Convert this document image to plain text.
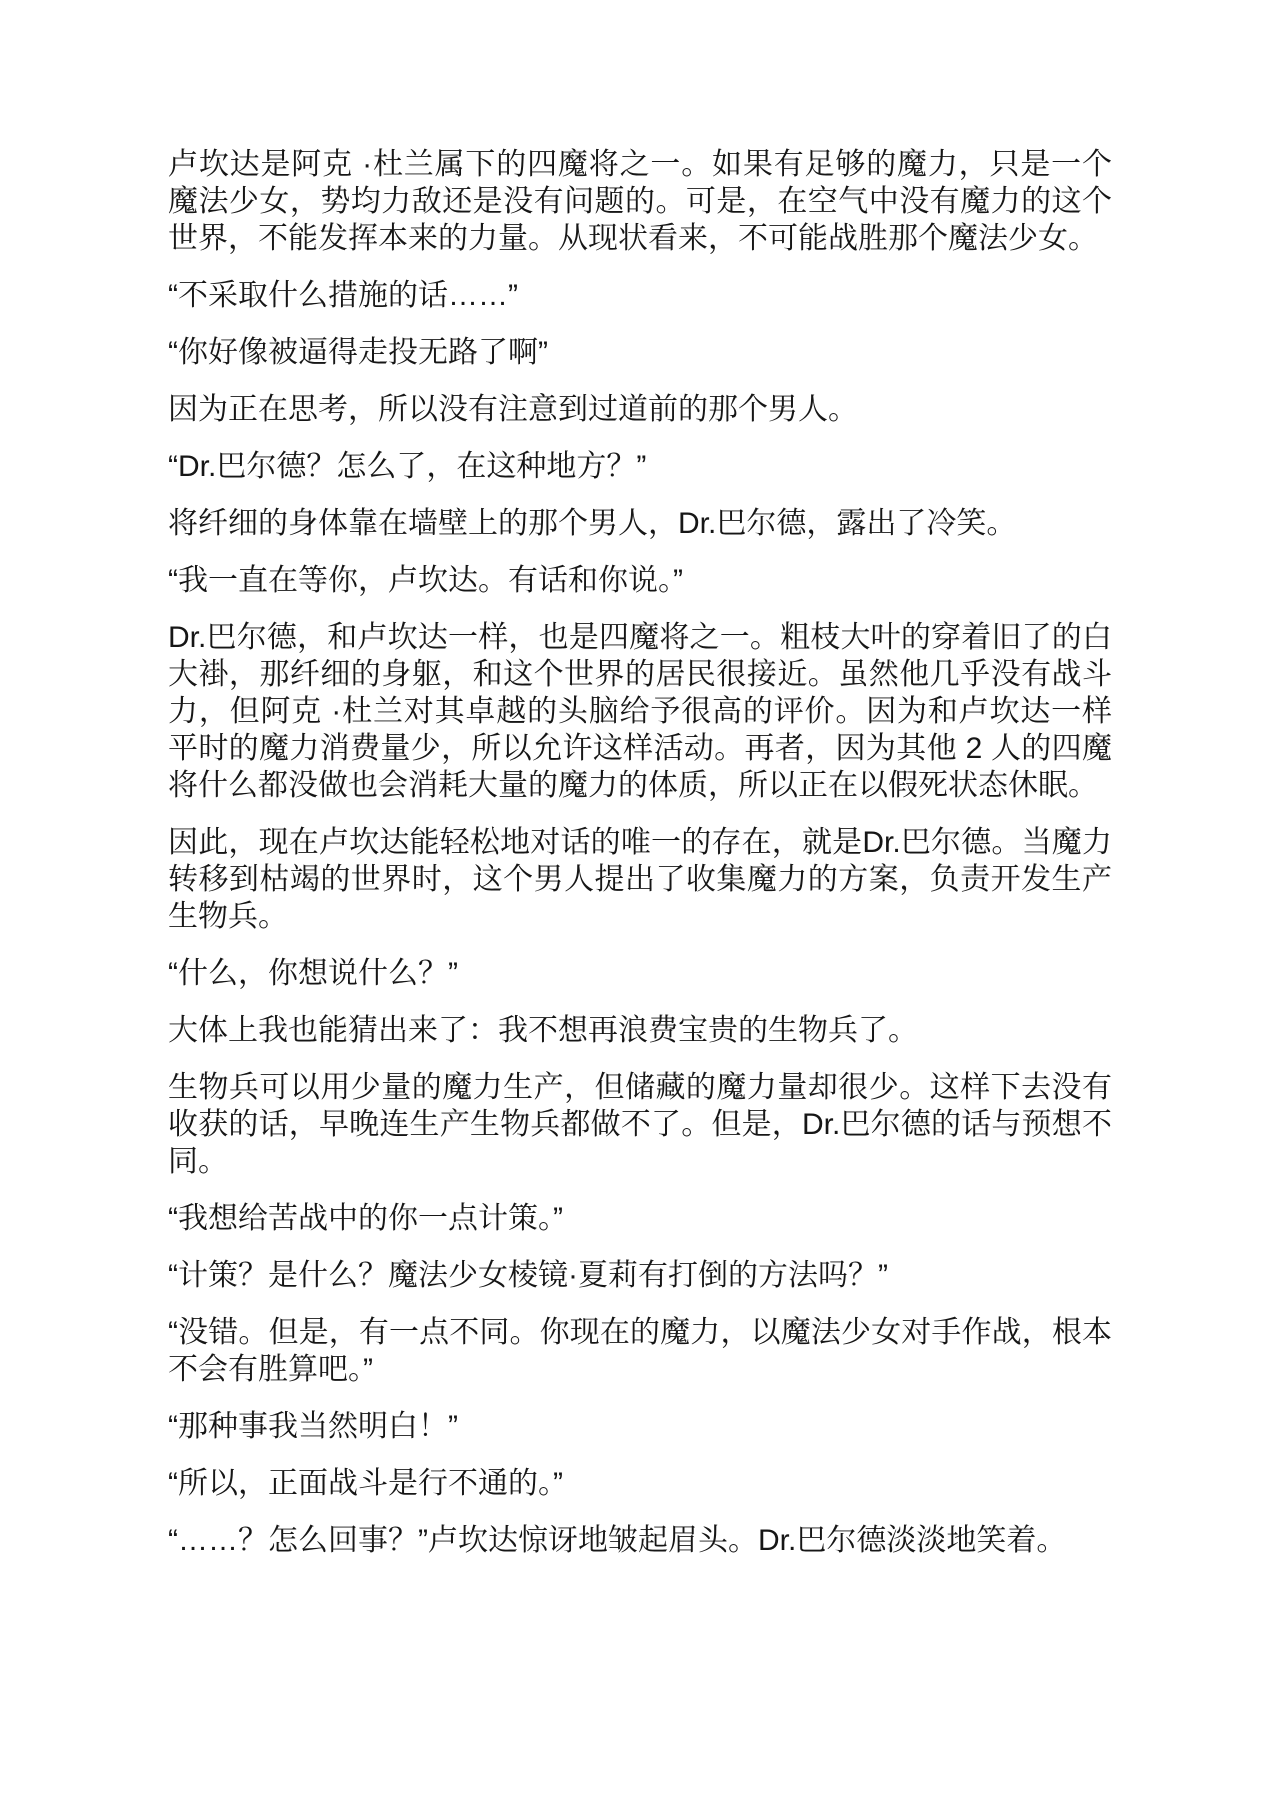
卢坎达是阿克 ·杜兰属下的四魔将之一。如果有足够的魔力，只是一个魔法少女，势均力敌还是没有问题的。可是，在空气中没有魔力的这个世界，不能发挥本来的力量。从现状看来，不可能战胜那个魔法少女。

“不采取什么措施的话……”

“你好像被逼得走投无路了啊”

因为正在思考，所以没有注意到过道前的那个男人。

“Dr.巴尔德？怎么了，在这种地方？”

将纤细的身体靠在墙壁上的那个男人，Dr.巴尔德，露出了冷笑。

“我一直在等你，卢坎达。有话和你说。”

Dr.巴尔德，和卢坎达一样，也是四魔将之一。粗枝大叶的穿着旧了的白大褂，那纤细的身躯，和这个世界的居民很接近。虽然他几乎没有战斗力，但阿克 ·杜兰对其卓越的头脑给予很高的评价。因为和卢坎达一样平时的魔力消费量少，所以允许这样活动。再者，因为其他 2 人的四魔将什么都没做也会消耗大量的魔力的体质，所以正在以假死状态休眠。

因此，现在卢坎达能轻松地对话的唯一的存在，就是Dr.巴尔德。当魔力转移到枯竭的世界时，这个男人提出了收集魔力的方案，负责开发生产生物兵。

“什么，你想说什么？”

大体上我也能猜出来了：我不想再浪费宝贵的生物兵了。

生物兵可以用少量的魔力生产，但储藏的魔力量却很少。这样下去没有收获的话，早晚连生产生物兵都做不了。但是，Dr.巴尔德的话与预想不同。

“我想给苦战中的你一点计策。”

“计策？是什么？魔法少女棱镜·夏莉有打倒的方法吗？”

“没错。但是，有一点不同。你现在的魔力，以魔法少女对手作战，根本不会有胜算吧。”

“那种事我当然明白！”

“所以，正面战斗是行不通的。”

“……？怎么回事？”卢坎达惊讶地皱起眉头。Dr.巴尔德淡淡地笑着。
